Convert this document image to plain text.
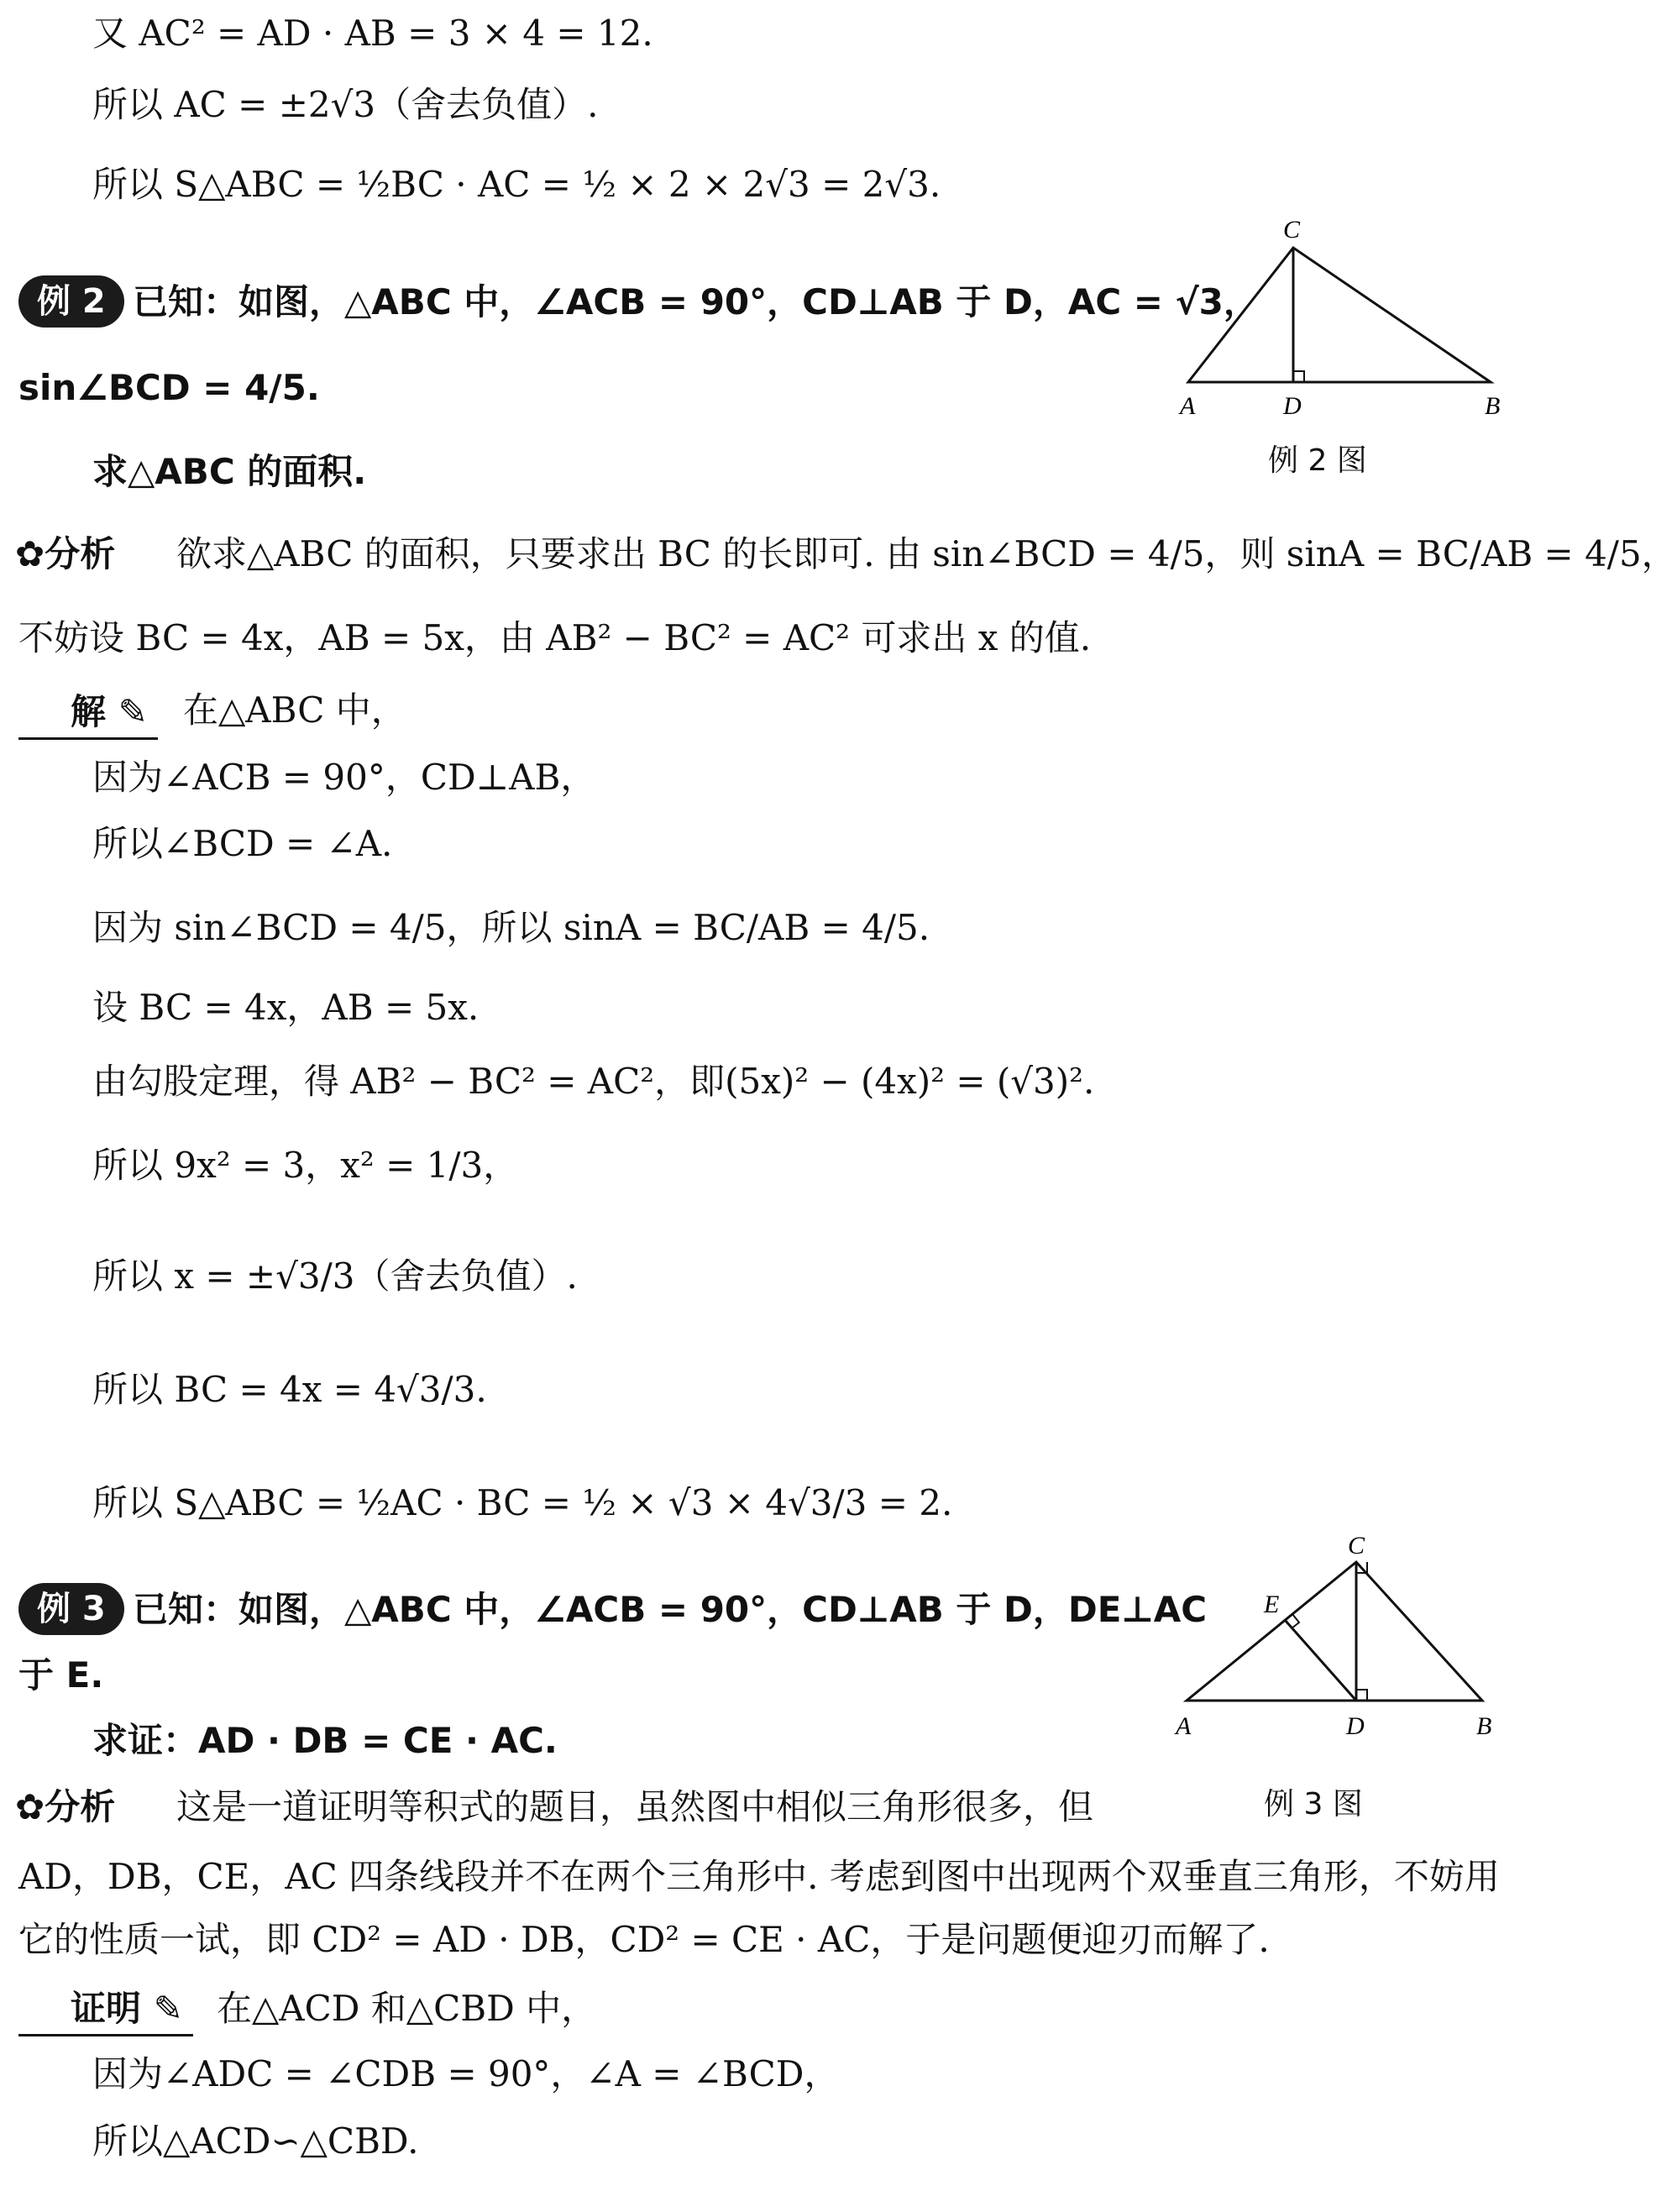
又 AC² = AD · AB = 3 × 4 = 12.
所以 AC = ±2√3（舍去负值）.
所以 S△ABC = ½BC · AC = ½ × 2 × 2√3 = 2√3.
例 2 已知：如图，△ABC 中，∠ACB = 90°，CD⊥AB 于 D，AC = √3，
sin∠BCD = 4/5.
求△ABC 的面积.
A	D	B
C
例 2 图
✿分析 欲求△ABC 的面积，只要求出 BC 的长即可. 由 sin∠BCD = 4/5，则 sinA = BC/AB = 4/5，
不妨设 BC = 4x，AB = 5x，由 AB² − BC² = AC² 可求出 x 的值.
解 ✎ 在△ABC 中，
因为∠ACB = 90°，CD⊥AB，
所以∠BCD = ∠A.
因为 sin∠BCD = 4/5，所以 sinA = BC/AB = 4/5.
设 BC = 4x，AB = 5x.
由勾股定理，得 AB² − BC² = AC²，即(5x)² − (4x)² = (√3)².
所以 9x² = 3，x² = 1/3，
所以 x = ±√3/3（舍去负值）.
所以 BC = 4x = 4√3/3.
所以 S△ABC = ½AC · BC = ½ × √3 × 4√3/3 = 2.
例 3 已知：如图，△ABC 中，∠ACB = 90°，CD⊥AB 于 D，DE⊥AC
于 E.
求证：AD · DB = CE · AC.	A	D	B
C
E
例 3 图
✿分析 这是一道证明等积式的题目，虽然图中相似三角形很多，但
AD，DB，CE，AC 四条线段并不在两个三角形中. 考虑到图中出现两个双垂直三角形，不妨用
它的性质一试，即 CD² = AD · DB，CD² = CE · AC，于是问题便迎刃而解了.
证明 ✎ 在△ACD 和△CBD 中，
因为∠ADC = ∠CDB = 90°，∠A = ∠BCD，
所以△ACD∽△CBD.
